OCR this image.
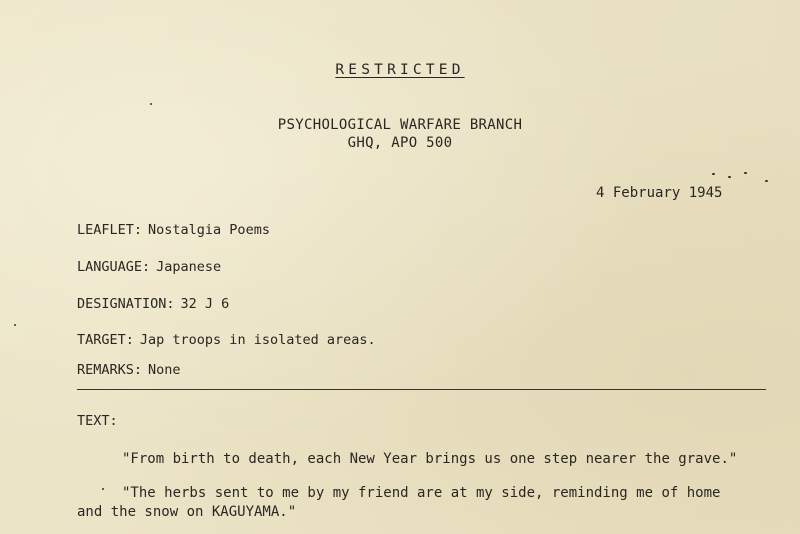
RESTRICTED
PSYCHOLOGICAL WARFARE BRANCH
GHQ, APO 500
4 February 1945
LEAFLET: Nostalgia Poems
LANGUAGE: Japanese
DESIGNATION: 32 J 6
TARGET: Jap troops in isolated areas.
REMARKS: None
TEXT:
"From birth to death, each New Year brings us one step nearer the grave."
"The herbs sent to me by my friend are at my side, reminding me of home
and the snow on KAGUYAMA."
